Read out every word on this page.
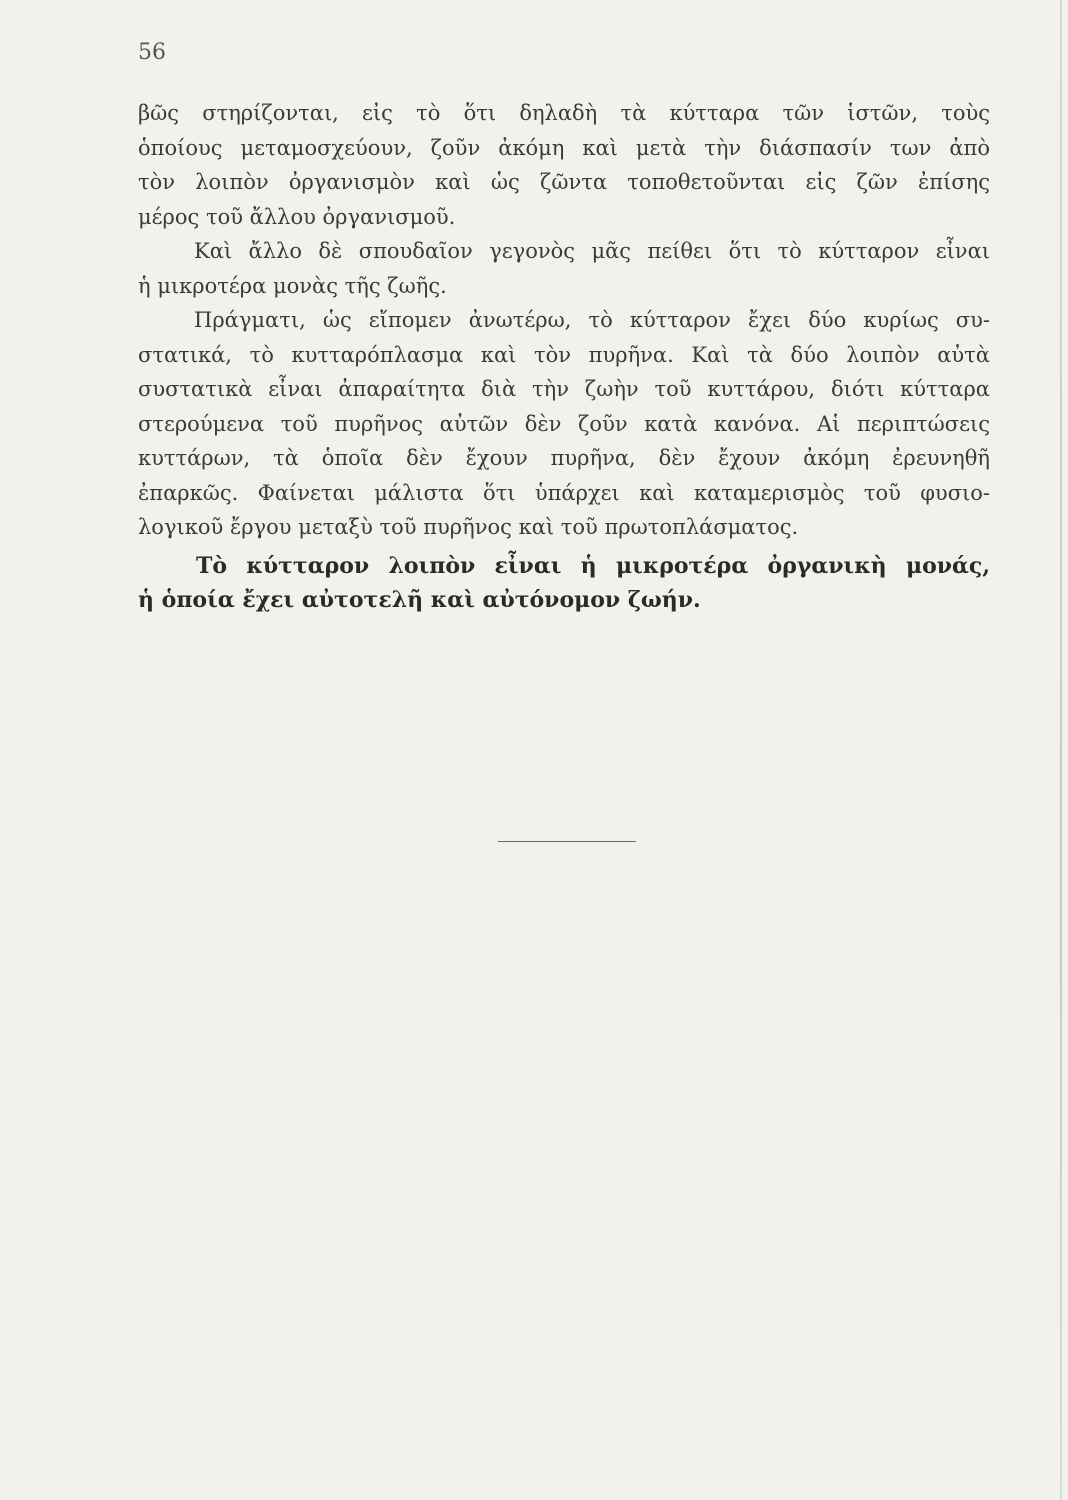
56
βῶς στηρίζονται, εἰς τὸ ὅτι δηλαδὴ τὰ κύτταρα τῶν ἱστῶν, τοὺς
ὁποίους μεταμοσχεύουν, ζοῦν ἀκόμη καὶ μετὰ τὴν διάσπασίν των ἀπὸ
τὸν λοιπὸν ὀργανισμὸν καὶ ὡς ζῶντα τοποθετοῦνται εἰς ζῶν ἐπίσης
μέρος τοῦ ἄλλου ὀργανισμοῦ.
Καὶ ἄλλο δὲ σπουδαῖον γεγονὸς μᾶς πείθει ὅτι τὸ κύτταρον εἶναι
ἡ μικροτέρα μονὰς τῆς ζωῆς.
Πράγματι, ὡς εἴπομεν ἀνωτέρω, τὸ κύτταρον ἔχει δύο κυρίως συ-
στατικά, τὸ κυτταρόπλασμα καὶ τὸν πυρῆνα. Καὶ τὰ δύο λοιπὸν αὐτὰ
συστατικὰ εἶναι ἀπαραίτητα διὰ τὴν ζωὴν τοῦ κυττάρου, διότι κύτταρα
στερούμενα τοῦ πυρῆνος αὐτῶν δὲν ζοῦν κατὰ κανόνα. Αἱ περιπτώσεις
κυττάρων, τὰ ὁποῖα δὲν ἔχουν πυρῆνα, δὲν ἔχουν ἀκόμη ἐρευνηθῆ
ἐπαρκῶς. Φαίνεται μάλιστα ὅτι ὑπάρχει καὶ καταμερισμὸς τοῦ φυσιο-
λογικοῦ ἔργου μεταξὺ τοῦ πυρῆνος καὶ τοῦ πρωτοπλάσματος.
Τὸ κύτταρον λοιπὸν εἶναι ἡ μικροτέρα ὀργανικὴ μονάς,
ἡ ὁποία ἔχει αὐτοτελῆ καὶ αὐτόνομον ζωήν.
